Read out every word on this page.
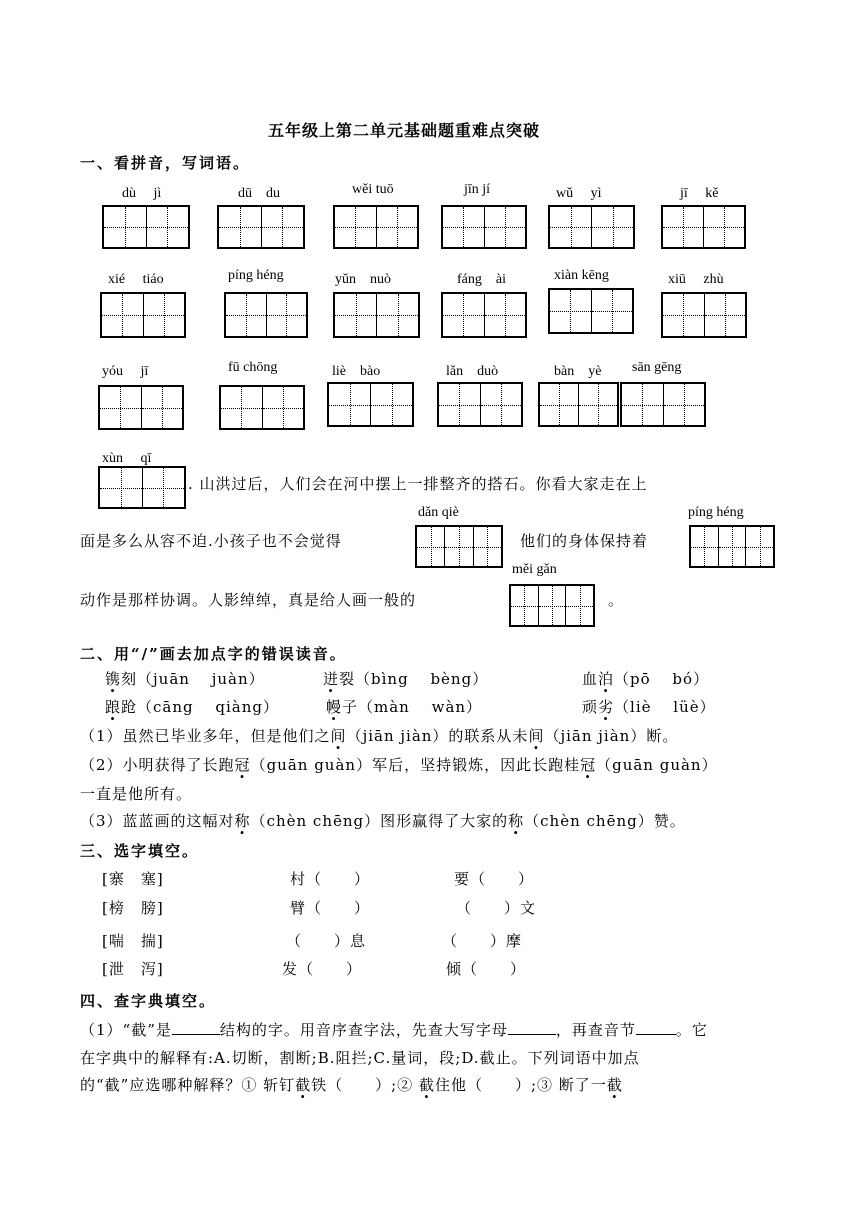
五年级上第二单元基础题重难点突破
一、看拼音，写词语。
dù　 jì	dū　du	wěi tuō	jīn jí	wǔ　 yì	jī　 kě
xié　 tiáo	píng héng	yǔn　nuò	fáng　ài	xiàn kēng	xiū　 zhù
yóu　 jī	fū chōng	liè　bào	lǎn　duò	bàn　yè sān gēng
xùn　 qī
. 山洪过后，人们会在河中摆上一排整齐的搭石。你看大家走在上
dǎn qiè	píng héng
面是多么从容不迫.小孩子也不会觉得	他们的身体保持着
měi gǎn
动作是那样协调。人影绰绰，真是给人画一般的	。
二、用“/”画去加点字的错误读音。
镌刻（juān　 juàn）	迸裂（bìng　 bèng）	血泊（pō　 bó）
踉跄（cāng　 qiàng）	幔子（màn　 wàn）	顽劣（liè　 lüè）
（1）虽然已毕业多年，但是他们之间（jiān jiàn）的联系从未间（jiān jiàn）断。
（2）小明获得了长跑冠（guān guàn）军后，坚持锻炼，因此长跑桂冠（guān guàn）
一直是他所有。
（3）蓝蓝画的这幅对称（chèn chēng）图形赢得了大家的称（chèn chēng）赞。
三、选字填空。
[寨　塞]	村（　　）	要（　　）
[榜　膀]	臂（　　）	（　　）文
[喘　揣]	（　　）息	（　　）摩
[泄　泻]	发（　　）	倾（　　）
四、查字典填空。
（1）“截”是	结构的字。用音序查字法，先查大写字母	，再查音节	。它
在字典中的解释有:A.切断，割断;B.阻拦;C.量词，段;D.截止。下列词语中加点
的“截”应选哪种解释？① 斩钉截铁（　　）;② 截住他（　　）;③ 断了一截
